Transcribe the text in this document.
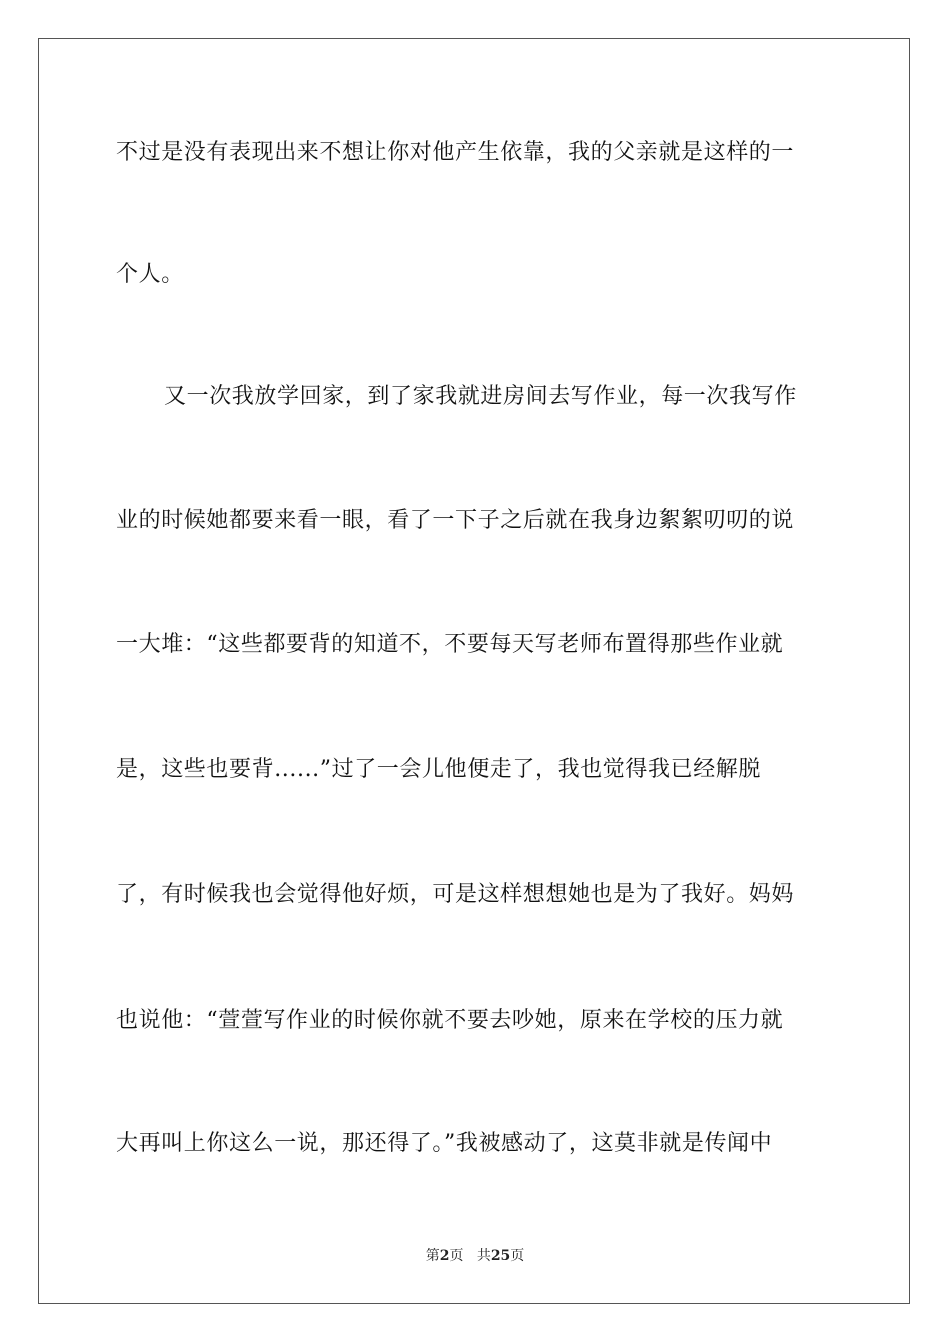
不过是没有表现出来不想让你对他产生依靠，我的父亲就是这样的一
个人。
又一次我放学回家，到了家我就进房间去写作业，每一次我写作
业的时候她都要来看一眼，看了一下子之后就在我身边絮絮叨叨的说
一大堆：“这些都要背的知道不，不要每天写老师布置得那些作业就
是，这些也要背......”过了一会儿他便走了，我也觉得我已经解脱
了，有时候我也会觉得他好烦，可是这样想想她也是为了我好。妈妈
也说他：“萱萱写作业的时候你就不要去吵她，原来在学校的压力就
大再叫上你这么一说，那还得了。”我被感动了，这莫非就是传闻中
第2页 共25页
